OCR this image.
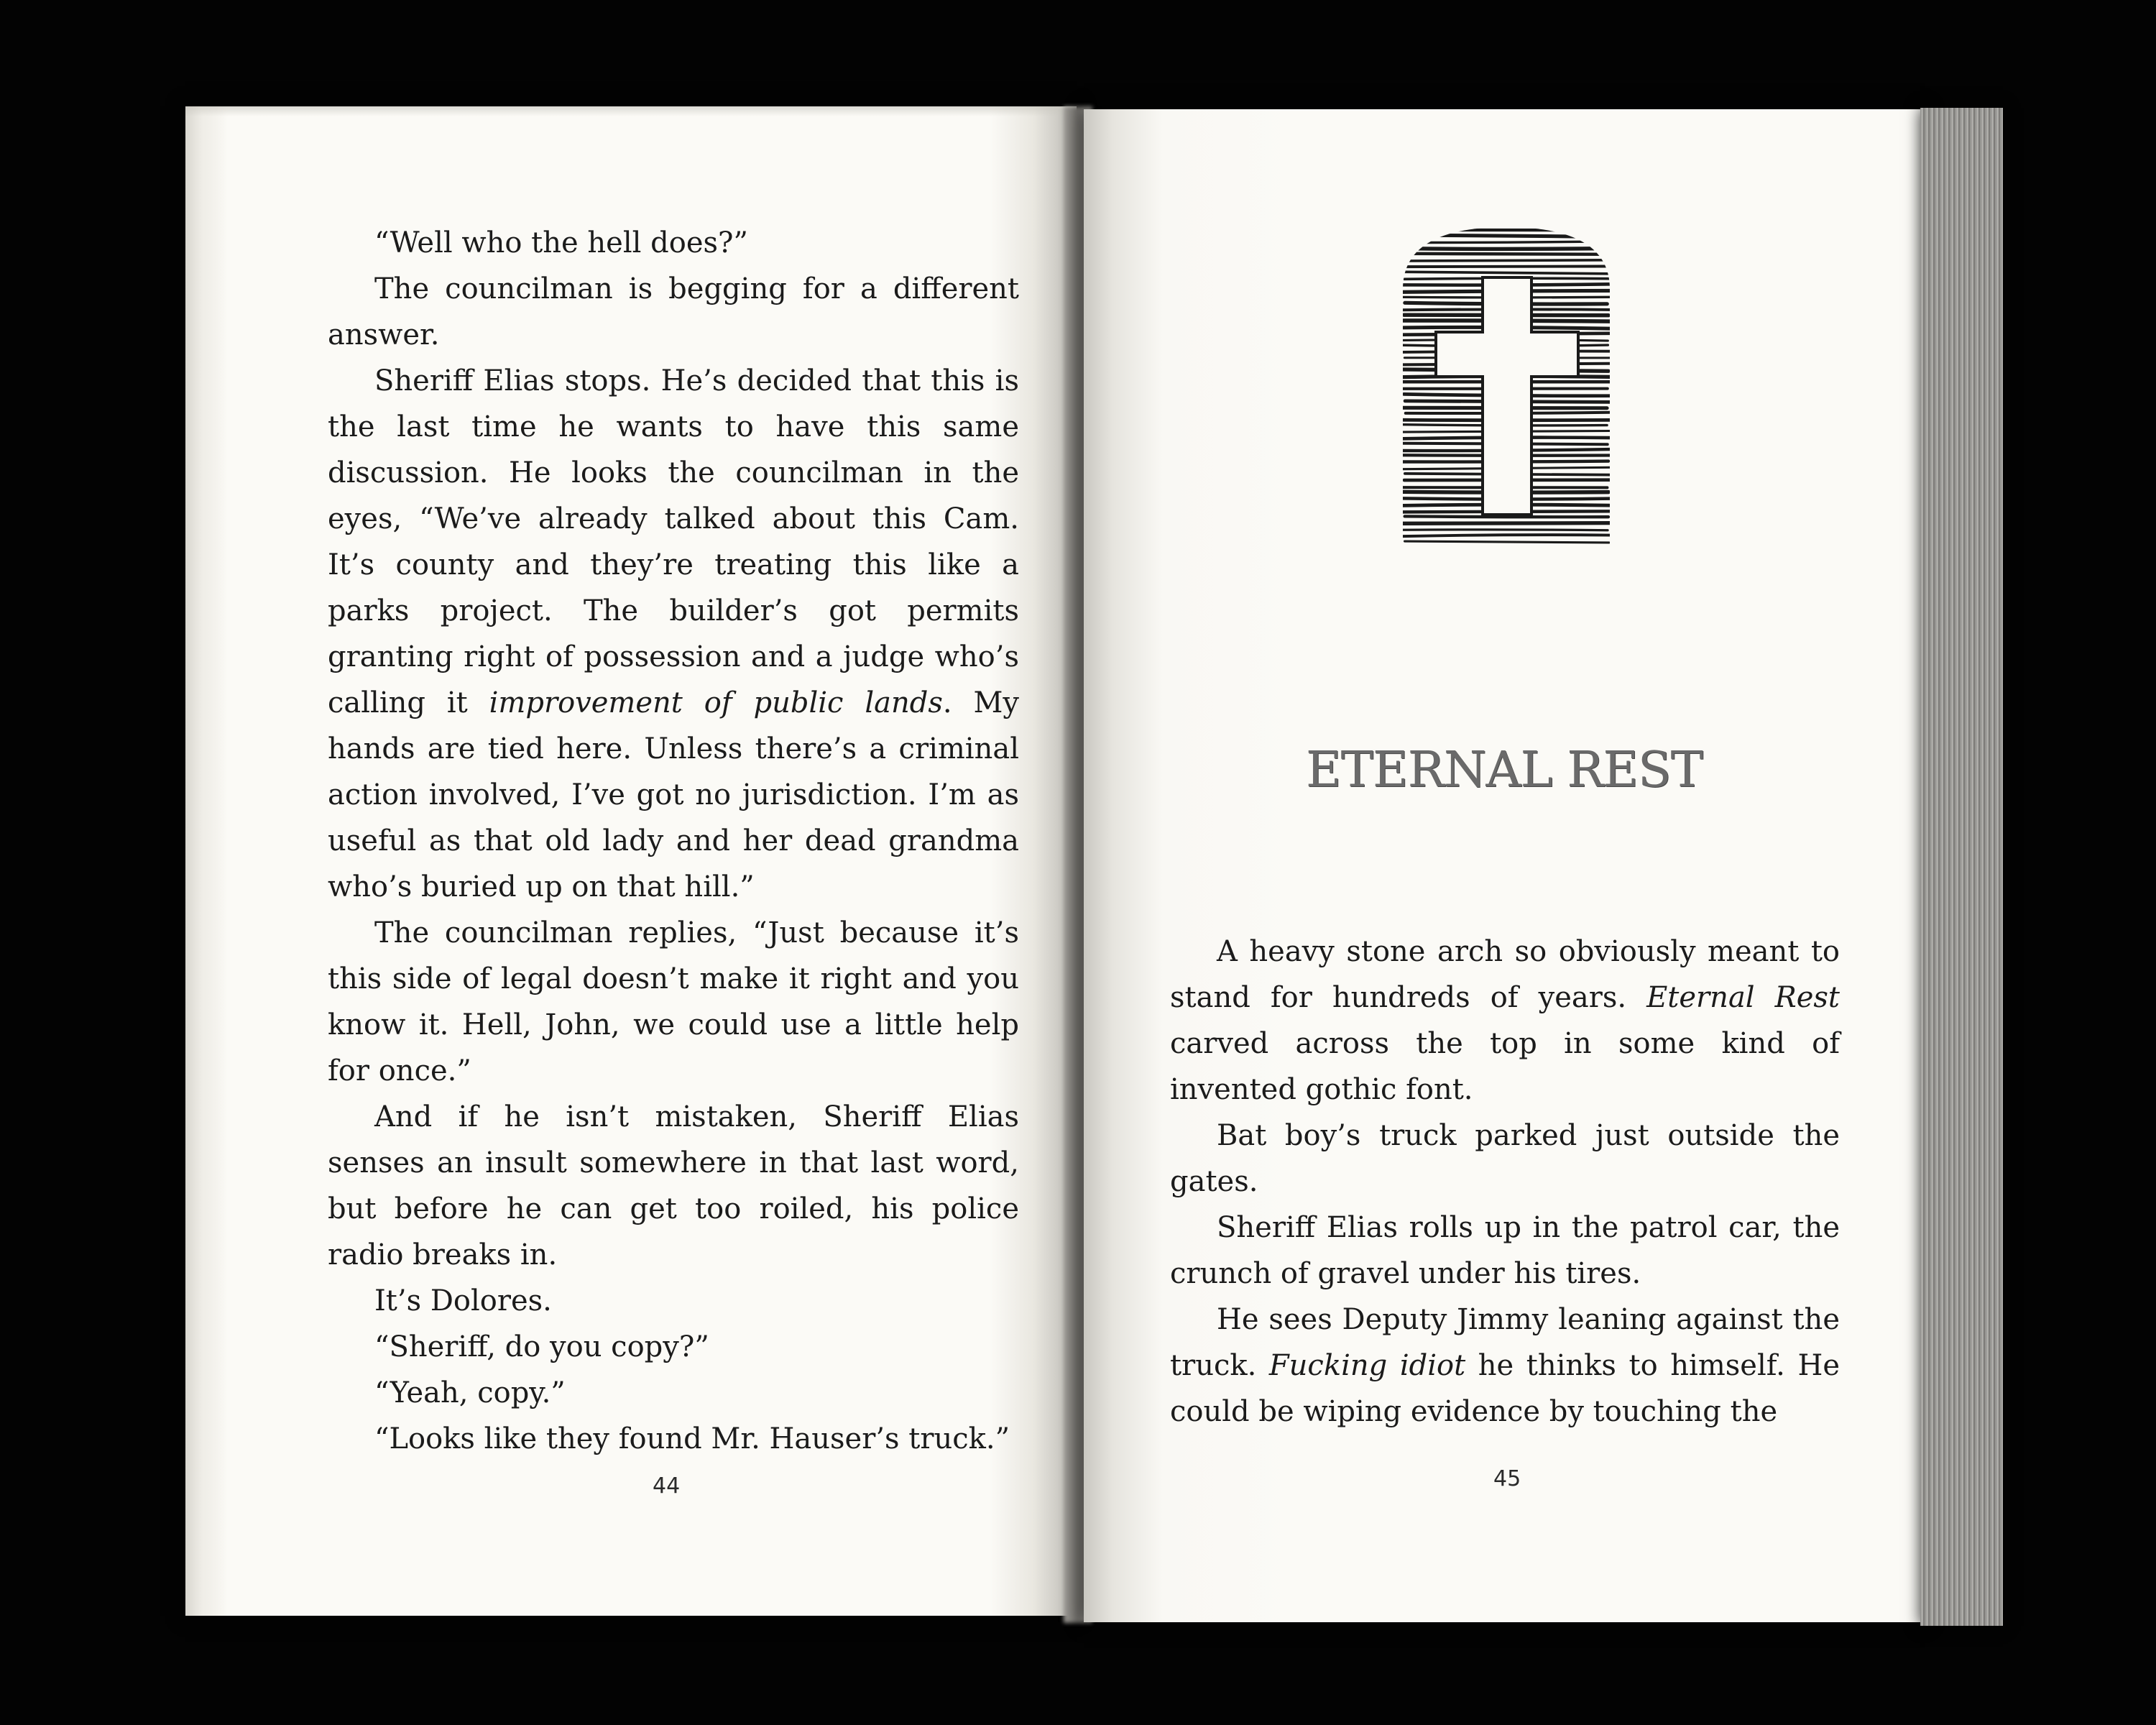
“Well who the hell does?”

The councilman is begging for a different answer.

Sheriff Elias stops. He’s decided that this is the last time he wants to have this same discussion. He looks the councilman in the eyes, “We’ve already talked about this Cam. It’s county and they’re treating this like a parks project. The builder’s got permits granting right of possession and a judge who’s calling it improvement of public lands. My hands are tied here. Unless there’s a criminal action involved, I’ve got no jurisdiction. I’m as useful as that old lady and her dead grandma who’s buried up on that hill.”

The councilman replies, “Just because it’s this side of legal doesn’t make it right and you know it. Hell, John, we could use a little help for once.”

And if he isn’t mistaken, Sheriff Elias senses an insult somewhere in that last word, but before he can get too roiled, his police radio breaks in.

It’s Dolores.

“Sheriff, do you copy?”

“Yeah, copy.”

“Looks like they found Mr. Hauser’s truck.”

44
ETERNAL REST

A heavy stone arch so obviously meant to stand for hundreds of years. Eternal Rest carved across the top in some kind of invented gothic font.

Bat boy’s truck parked just outside the gates.

Sheriff Elias rolls up in the patrol car, the crunch of gravel under his tires.

He sees Deputy Jimmy leaning against the truck. Fucking idiot he thinks to himself. He could be wiping evidence by touching the

45
